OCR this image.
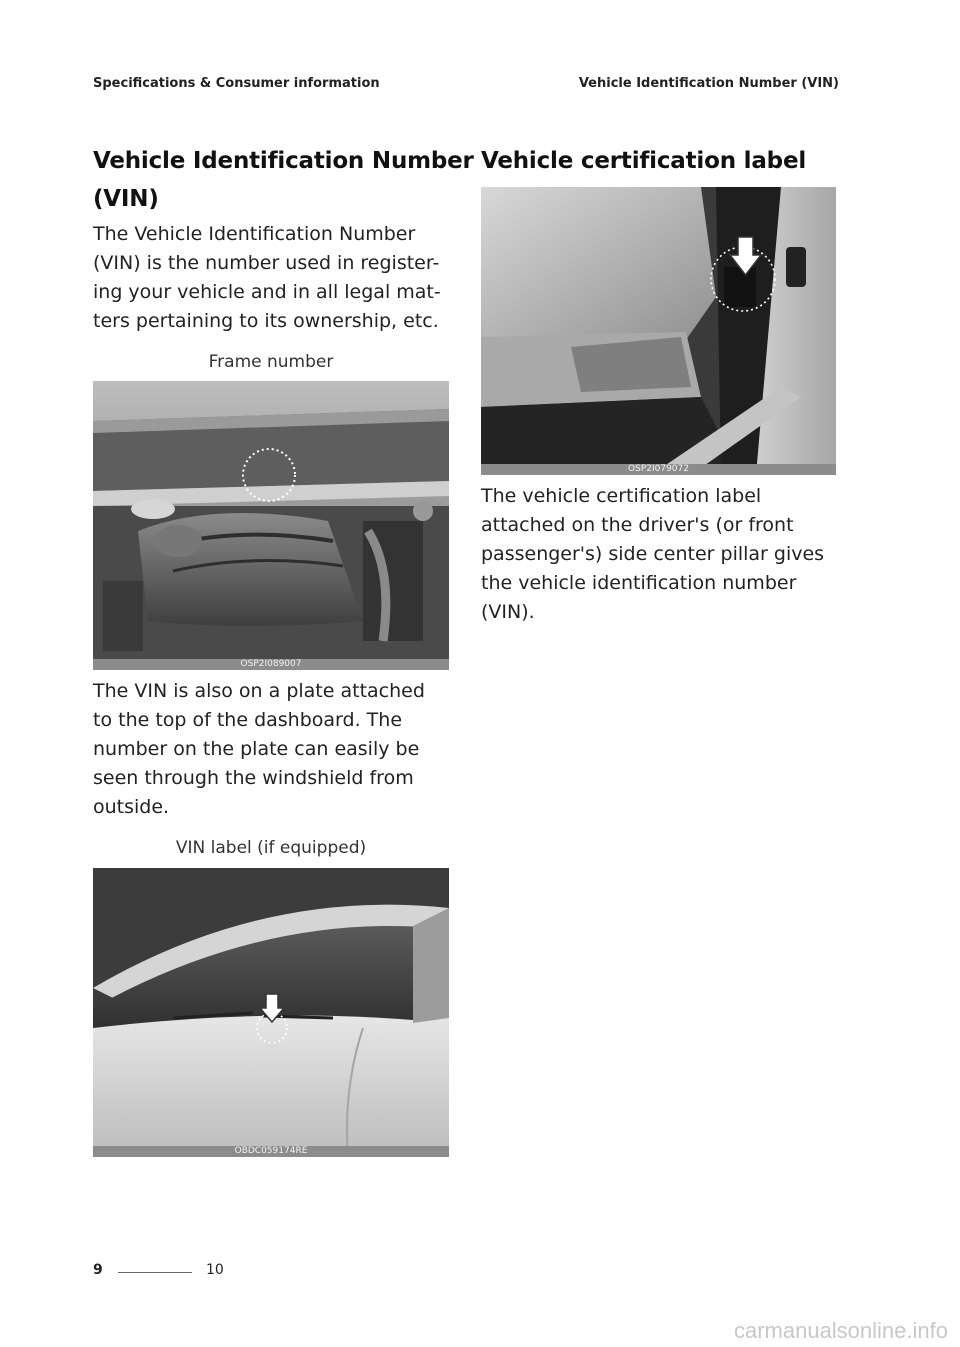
Specifications & Consumer information	Vehicle Identification Number (VIN)
Vehicle Identification Number
(VIN)
The Vehicle Identification Number
(VIN) is the number used in register-
ing your vehicle and in all legal mat-
ters pertaining to its ownership, etc.
Frame number
OSP2I089007
The VIN is also on a plate attached
to the top of the dashboard. The
number on the plate can easily be
seen through the windshield from
outside.
VIN label (if equipped)
OBDC059174RE
Vehicle certification label
OSP2I079072
The vehicle certification label
attached on the driver's (or front
passenger's) side center pillar gives
the vehicle identification number
(VIN).
9	10
carmanualsonline.info
